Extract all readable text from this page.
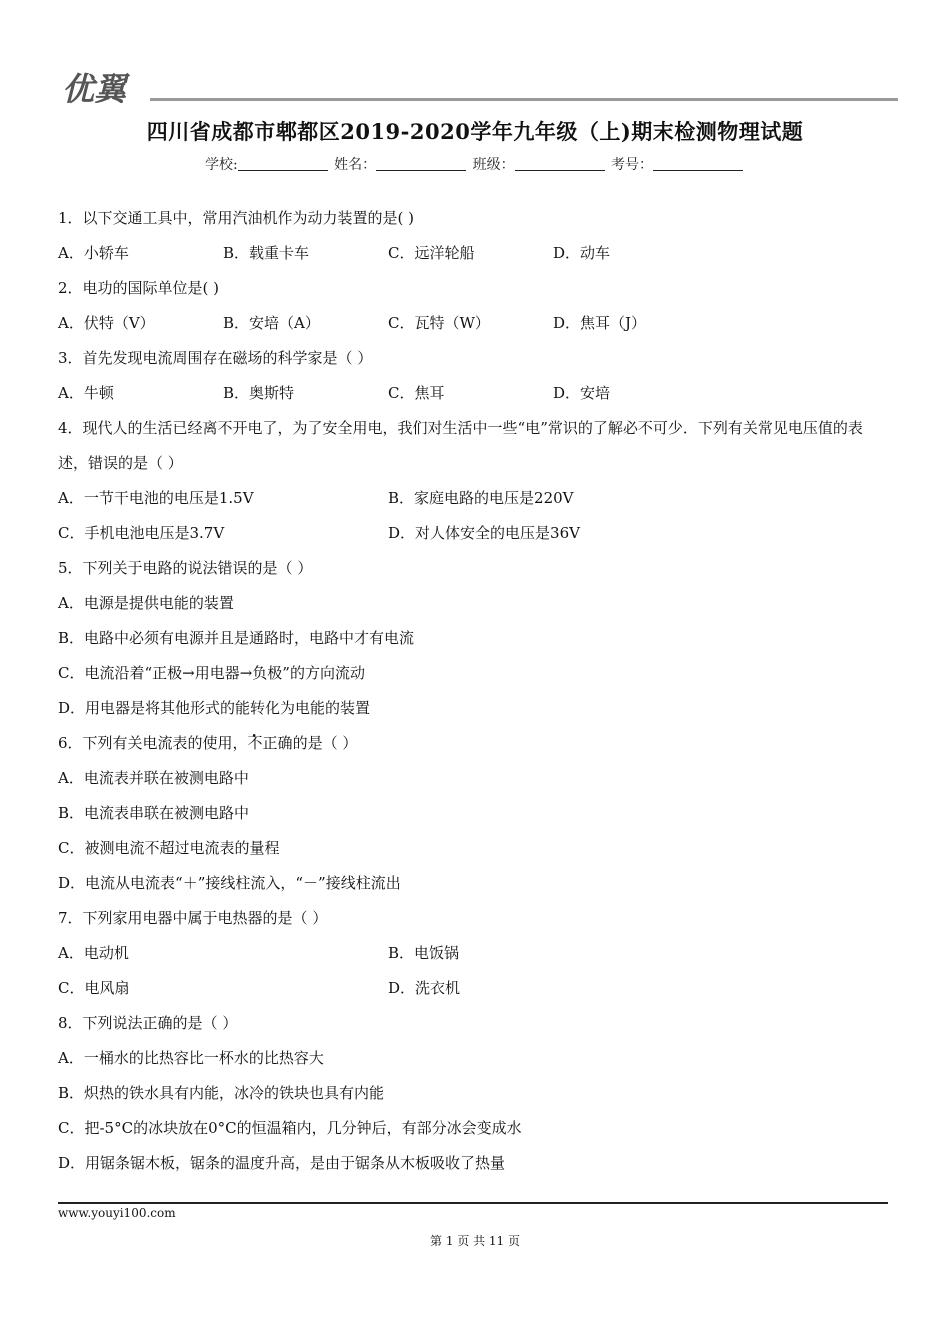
优翼
四川省成都市郫都区2019-2020学年九年级（上)期末检测物理试题
学校:	姓名：	班级：	考号：
1．以下交通工具中，常用汽油机作为动力装置的是( )
A．小轿车	B．载重卡车	C．远洋轮船	D．动车
2．电功的国际单位是( )
A．伏特（V）	B．安培（A）	C．瓦特（W）	D．焦耳（J）
3．首先发现电流周围存在磁场的科学家是（ ）
A．牛顿	B．奥斯特	C．焦耳	D．安培
4．现代人的生活已经离不开电了，为了安全用电，我们对生活中一些“电”常识的了解必不可少．下列有关常见电压值的表述，错误的是（ ）
A．一节干电池的电压是1.5V	B．家庭电路的电压是220V
C．手机电池电压是3.7V	D．对人体安全的电压是36V
5．下列关于电路的说法错误的是（ ）
A．电源是提供电能的装置
B．电路中必须有电源并且是通路时，电路中才有电流
C．电流沿着“正极→用电器→负极”的方向流动
D．用电器是将其他形式的能转化为电能的装置
6．下列有关电流表的使用，不正确的是（ ）
A．电流表并联在被测电路中
B．电流表串联在被测电路中
C．被测电流不超过电流表的量程
D．电流从电流表“＋”接线柱流入，“－”接线柱流出
7．下列家用电器中属于电热器的是（ ）
A．电动机	B．电饭锅
C．电风扇	D．洗衣机
8．下列说法正确的是（ ）
A．一桶水的比热容比一杯水的比热容大
B．炽热的铁水具有内能，冰冷的铁块也具有内能
C．把-5°C的冰块放在0°C的恒温箱内，几分钟后，有部分冰会变成水
D．用锯条锯木板，锯条的温度升高，是由于锯条从木板吸收了热量
www.youyi100.com
第 1 页 共 11 页
